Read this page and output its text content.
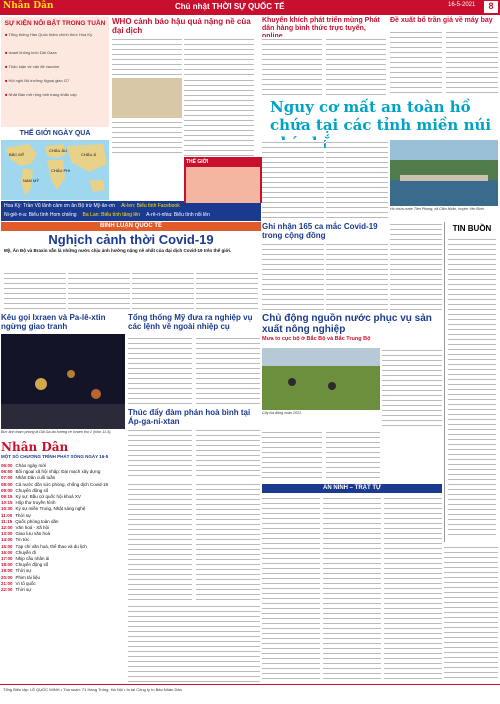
Nhân Dân	Chủ nhật THỜI SỰ QUỐC TẾ	16-5-2021	8
SỰ KIỆN NỔI BẬT TRONG TUẦN
■ Tổng thống Hàn Quốc thăm chính thức Hoa Kỳ
■ Israel không kích Dải Gaza
■ Thảo luận về vấn đề vaccine
■ Hội nghị Bộ trưởng Ngoại giao G7
■ Nhật Bản mở rộng tình trạng khẩn cấp
THẾ GIỚI NGÀY QUA
BẮC MỸ
NAM MỸ
CHÂU ÂU
CHÂU PHI
CHÂU Á
Hoa Kỳ: Trần Vũ lãnh cảm ơn ăn Bộ trừ Mỹ-ân-ơn Ai-len: Biểu tình Facebook
Ni-giê-ri-a: Biểu tình Hom chiếng Ba Lan: Biểu tình tăng lên A-rê-ri-nhia: Biểu tình nổi lên
WHO cảnh báo hậu quả nặng nề của đại dịch
THẾ GIỚI
Khuyến khích phát triển mùng Phát dân hàng bình thức trực tuyến,
Đề xuất bổ trần giá về máy bay
Nguy cơ mất an toàn hồ chứa tại các tỉnh miền núi
Hồ chứa nước Tiền Phong, xã Cẩm Nhân, huyện Yên Bình.
BÌNH LUẬN QUỐC TẾ
Nghịch cảnh thời Covid-19
Mỹ, Ấn Độ và Braxin vẫn là những nước chịu ảnh hưởng nặng nề nhất của đại dịch Covid-19 trên thế giới.
Ghi nhận 165 ca mắc Covid-19 trong cộng đồng
TIN BUỒN
Kêu gọi Ixraen và Pa-lê-xtin ngừng giao tranh
Bức ảnh tham phóng là Dải Ga-da hướng về Ixraen thứ 2 (hôm 11-5).
Tổng thống Mỹ đưa ra nghiệp vụ các lệnh về ngoài nhiệp cụ
Chủ động nguồn nước phục vụ sản xuất nông nghiệp
Mưa to cục bộ ở Bắc Bộ và Bắc Trung Bộ
Cấy lúa đông xuân 2021.
Thúc đẩy đàm phán hoà bình tại Áp-ga-ni-xtan
Nhân Dân
MỘT SỐ CHƯƠNG TRÌNH PHÁT SÓNG NGÀY 16-5
06:00 Chào ngày mới
06:50 Bồi ngoại xã hội nhập: Đại mạch xây dựng
07:00 Nhân Dân cuối tuần
08:00 Cả nước dồn sức phòng, chống dịch Covid-19
09:00 Chuyển động số
09:15 Ký sự: Bầu cử quốc hội khoá XV
10:15 Hộp thư truyền hình
10:30 Ký sự miền Trung, Nhật sáng nghệ
11:00 Thời sự
11:15 Quốc phòng toàn dân
12:00 Văn hoá - Xã hội
13:00 Giao lưu văn hoá
14:00 Tin tức
15:00 Tạp chí văn hoá, thể thao và du lịch
16:00 Chuyến đi
17:00 Nhịp cầu nhân ái
18:00 Chuyển động số
19:00 Thời sự
20:00 Phim tài liệu
21:00 Vì tổ quốc
22:00 Thời sự
AN NINH – TRẬT TỰ
Tổng Biên tập: LÊ QUỐC MINH • Tòa soạn: 71 Hàng Trống, Hà Nội • In tại Công ty In Báo Nhân Dân
